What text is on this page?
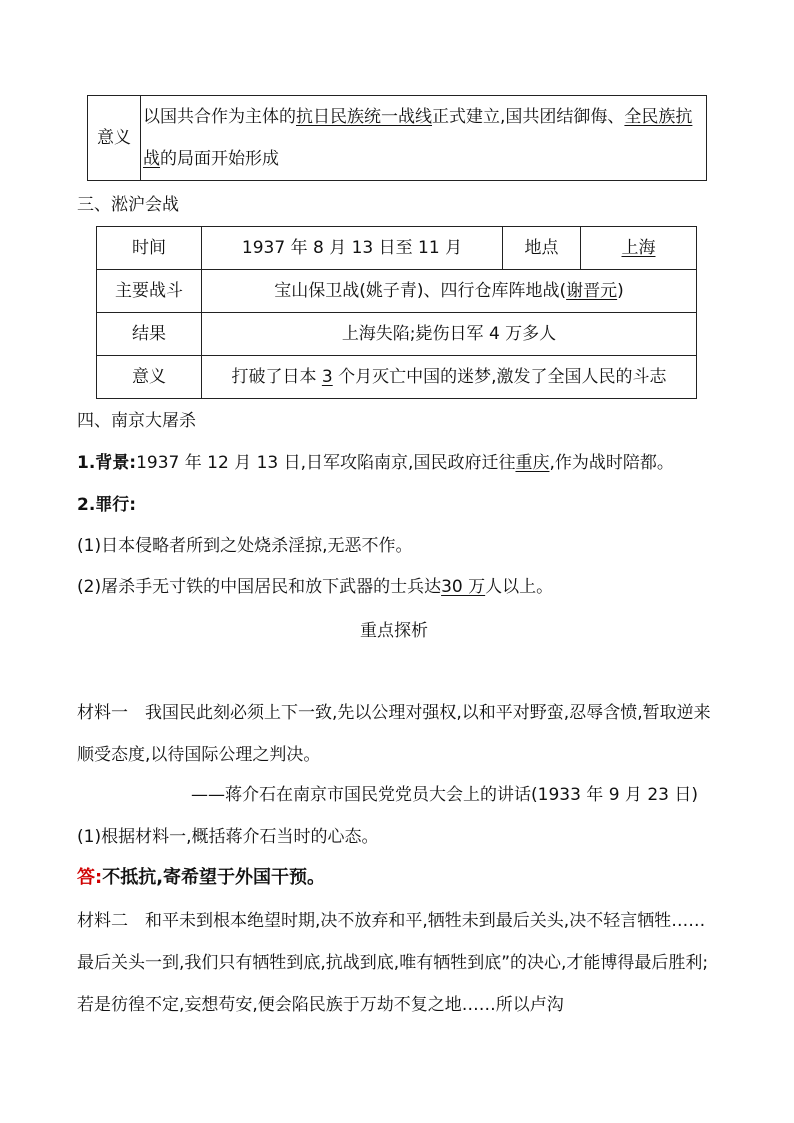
意义	以国共合作为主体的抗日民族统一战线正式建立,国共团结御侮、全民族抗战的局面开始形成
三、淞沪会战
时间	1937 年 8 月 13 日至 11 月	地点	上海
主要战斗	宝山保卫战(姚子青)、四行仓库阵地战(谢晋元)		
结果	上海失陷;毙伤日军 4 万多人		
意义	打破了日本 3 个月灭亡中国的迷梦,激发了全国人民的斗志		
四、南京大屠杀
1.背景:1937 年 12 月 13 日,日军攻陷南京,国民政府迁往重庆,作为战时陪都。
2.罪行:
(1)日本侵略者所到之处烧杀淫掠,无恶不作。
(2)屠杀手无寸铁的中国居民和放下武器的士兵达30 万人以上。
重点探析
材料一　我国民此刻必须上下一致,先以公理对强权,以和平对野蛮,忍辱含愤,暂取逆来顺受态度,以待国际公理之判决。
——蒋介石在南京市国民党党员大会上的讲话(1933 年 9 月 23 日)
(1)根据材料一,概括蒋介石当时的心态。
答:不抵抗,寄希望于外国干预。
材料二　和平未到根本绝望时期,决不放弃和平,牺牲未到最后关头,决不轻言牺牲……最后关头一到,我们只有牺牲到底,抗战到底,唯有牺牲到底”的决心,才能博得最后胜利;若是彷徨不定,妄想苟安,便会陷民族于万劫不复之地……所以卢沟
